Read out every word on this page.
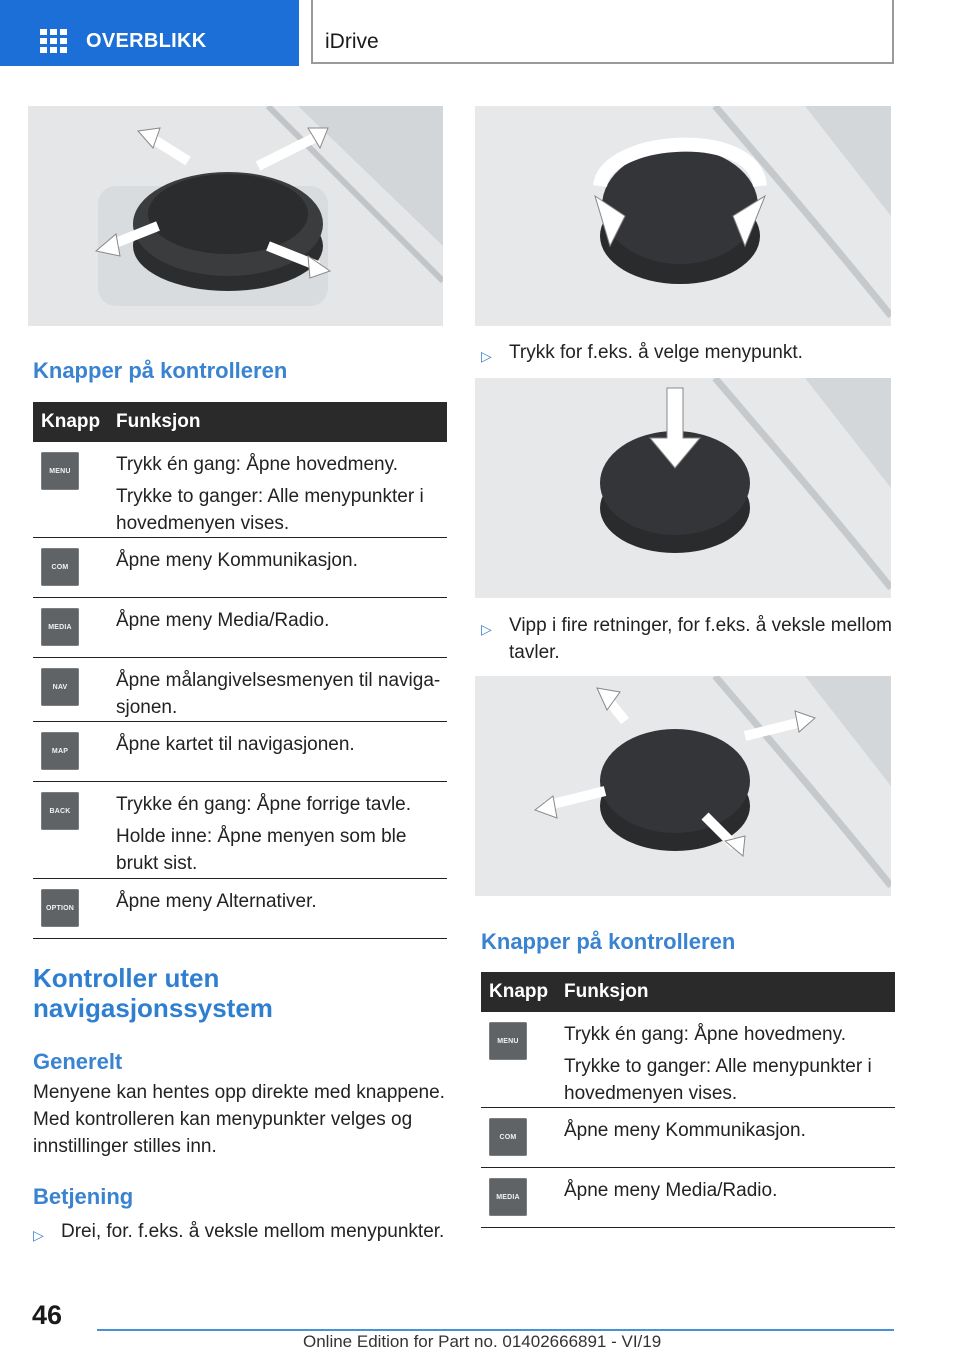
OVERBLIKK	iDrive
Knapper på kontrolleren
Knapp Funksjon
MENU	Trykk én gang: Åpne hovedmeny.

Trykke to ganger: Alle menypunkter i hovedmenyen vises.

COM	Åpne meny Kommunikasjon.

MEDIA	Åpne meny Media/Radio.

NAV	Åpne målangivelsesmenyen til navigasjonen.

MAP	Åpne kartet til navigasjonen.

BACK	Trykke én gang: Åpne forrige tavle.

Holde inne: Åpne menyen som ble brukt sist.

OPTION Åpne meny Alternativer.

Kontroller uten navigasjonssystem
Generelt
Menyene kan hentes opp direkte med knappene. Med kontrolleren kan menypunkter velges og innstillinger stilles inn.
Betjening
▷ Drei, for. f.eks. å veksle mellom menypunkter.
▷ Trykk for f.eks. å velge menypunkt.
▷ Vipp i fire retninger, for f.eks. å veksle mellom tavler.
Knapper på kontrolleren
Knapp Funksjon
MENU	Trykk én gang: Åpne hovedmeny.

Trykke to ganger: Alle menypunkter i hovedmenyen vises.

COM	Åpne meny Kommunikasjon.

MEDIA	Åpne meny Media/Radio.

46
Online Edition for Part no. 01402666891 - VI/19
